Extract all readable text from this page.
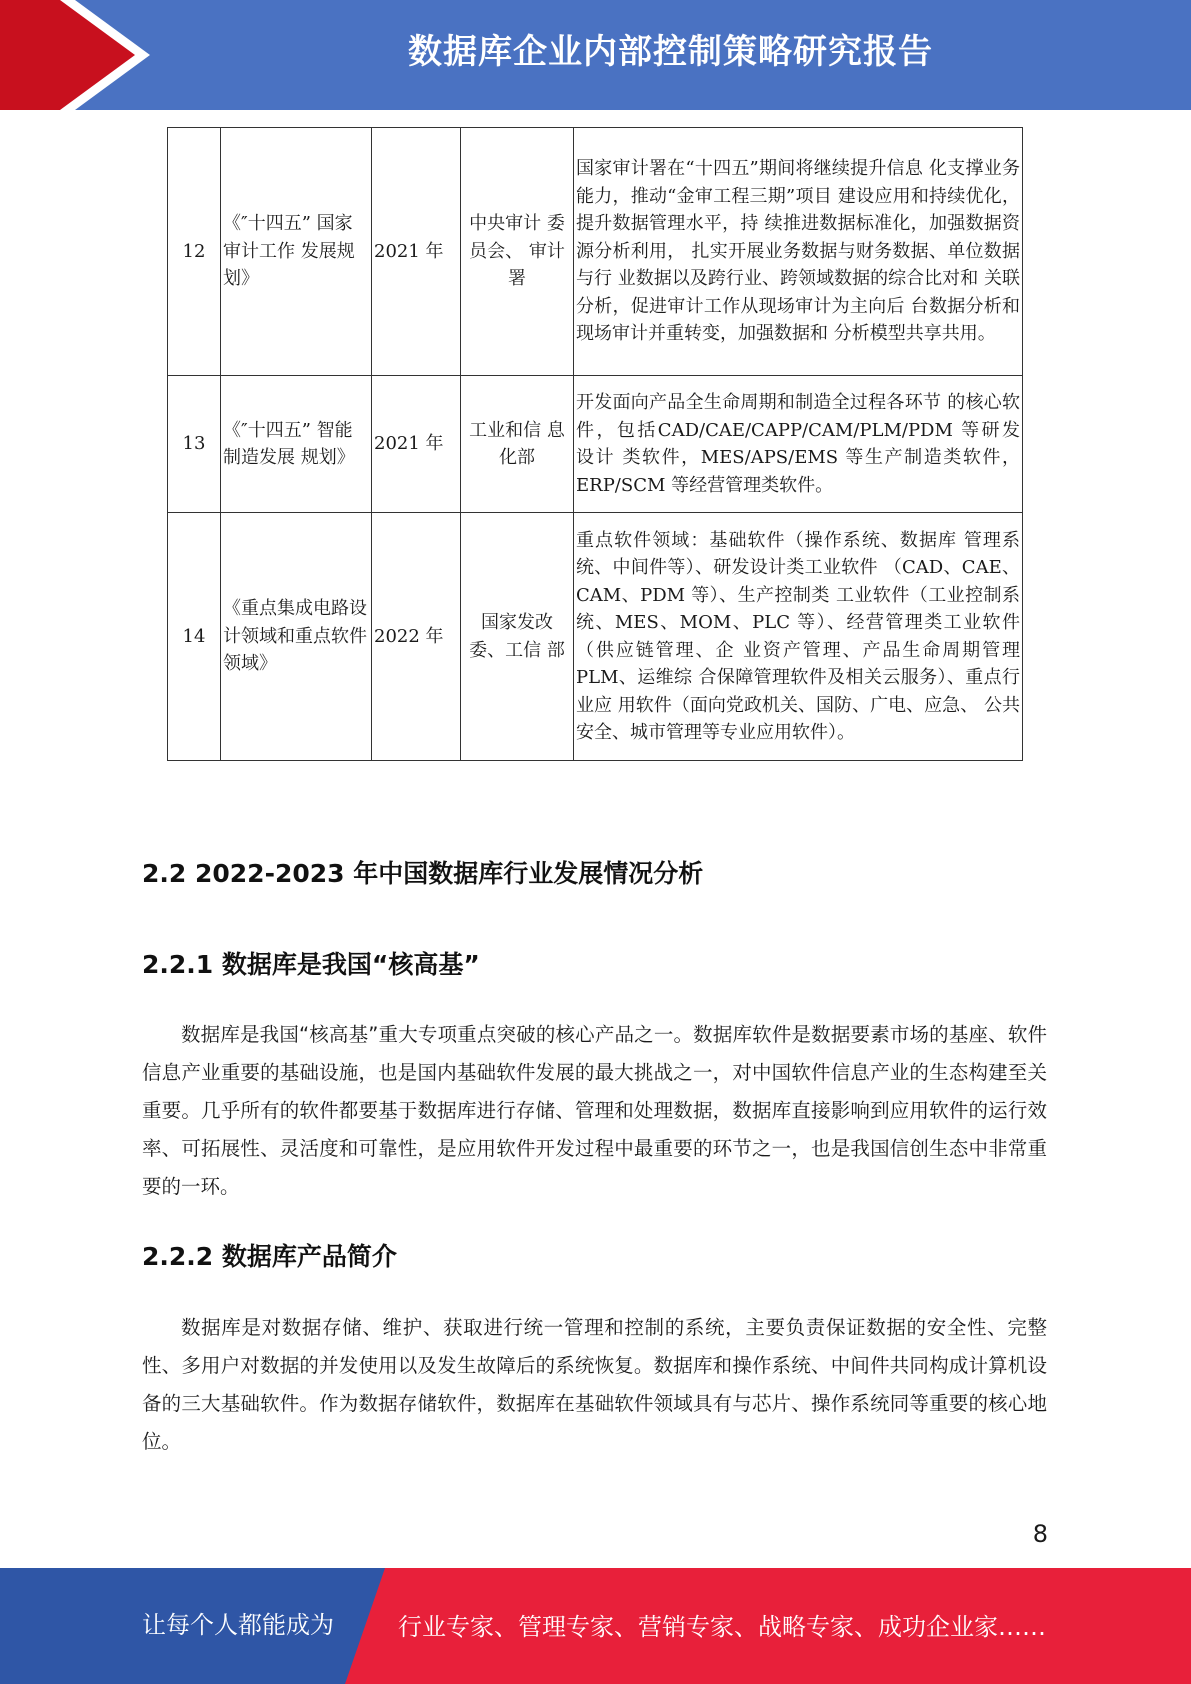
数据库企业内部控制策略研究报告
12	《″十四五” 国家审计工作 发展规划》	2021 年	中央审计 委员会、 审计署	国家审计署在“十四五”期间将继续提升信息 化支撑业务能力，推动“金审工程三期”项目 建设应用和持续优化，提升数据管理水平，持 续推进数据标准化，加强数据资源分析利用， 扎实开展业务数据与财务数据、单位数据与行 业数据以及跨行业、跨领域数据的综合比对和 关联分析，促进审计工作从现场审计为主向后 台数据分析和现场审计并重转变，加强数据和 分析模型共享共用。
13	《″十四五” 智能制造发展 规划》	2021 年	工业和信 息化部	开发面向产品全生命周期和制造全过程各环节 的核心软件，包括CAD/CAE/CAPP/CAM/PLM/PDM 等研发设计 类软件，MES/APS/EMS 等生产制造类软件， ERP/SCM 等经营管理类软件。
14	《重点集成电路设计领域和重点软件领域》	2022 年	国家发改 委、工信 部	重点软件领域：基础软件（操作系统、数据库 管理系统、中间件等）、研发设计类工业软件 （CAD、CAE、CAM、PDM 等）、生产控制类 工业软件（工业控制系统、MES、MOM、PLC 等）、经营管理类工业软件（供应链管理、企 业资产管理、产品生命周期管理 PLM、运维综 合保障管理软件及相关云服务）、重点行业应 用软件（面向党政机关、国防、广电、应急、 公共安全、城市管理等专业应用软件）。
2.2 2022-2023 年中国数据库行业发展情况分析
2.2.1 数据库是我国“核高基”
数据库是我国“核高基”重大专项重点突破的核心产品之一。数据库软件是数据要素市场的基座、软件信息产业重要的基础设施，也是国内基础软件发展的最大挑战之一，对中国软件信息产业的生态构建至关重要。几乎所有的软件都要基于数据库进行存储、管理和处理数据，数据库直接影响到应用软件的运行效率、可拓展性、灵活度和可靠性，是应用软件开发过程中最重要的环节之一，也是我国信创生态中非常重要的一环。
2.2.2 数据库产品简介
数据库是对数据存储、维护、获取进行统一管理和控制的系统，主要负责保证数据的安全性、完整性、多用户对数据的并发使用以及发生故障后的系统恢复。数据库和操作系统、中间件共同构成计算机设备的三大基础软件。作为数据存储软件，数据库在基础软件领域具有与芯片、操作系统同等重要的核心地位。
8
让每个人都能成为	行业专家、管理专家、营销专家、战略专家、成功企业家……
